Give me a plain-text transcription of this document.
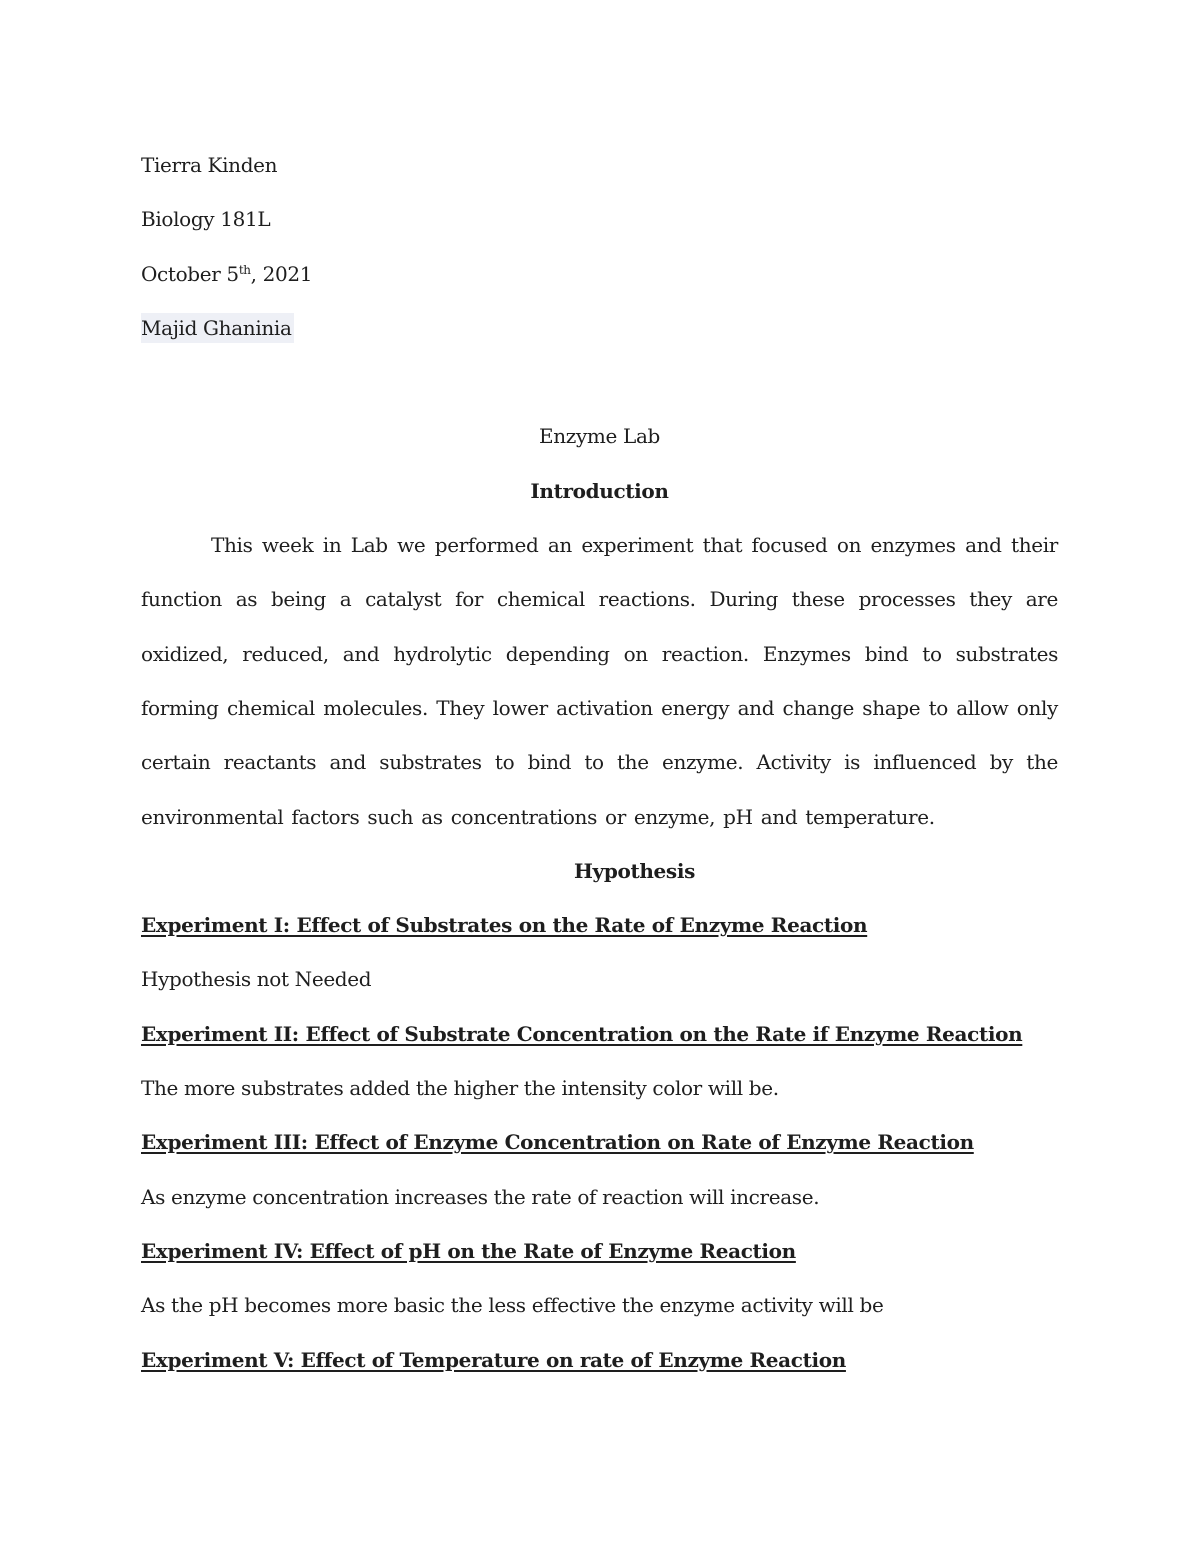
Tierra Kinden
Biology 181L
October 5th, 2021
Majid Ghaninia
Enzyme Lab
Introduction

This week in Lab we performed an experiment that focused on enzymes and their function as being a catalyst for chemical reactions. During these processes they are oxidized, reduced, and hydrolytic depending on reaction. Enzymes bind to substrates forming chemical molecules. They lower activation energy and change shape to allow only certain reactants and substrates to bind to the enzyme. Activity is influenced by the environmental factors such as concentrations or enzyme, pH and temperature.

Hypothesis
Experiment I: Effect of Substrates on the Rate of Enzyme Reaction
Hypothesis not Needed
Experiment II: Effect of Substrate Concentration on the Rate if Enzyme Reaction
The more substrates added the higher the intensity color will be.
Experiment III: Effect of Enzyme Concentration on Rate of Enzyme Reaction
As enzyme concentration increases the rate of reaction will increase.
Experiment IV: Effect of pH on the Rate of Enzyme Reaction
As the pH becomes more basic the less effective the enzyme activity will be
Experiment V: Effect of Temperature on rate of Enzyme Reaction
